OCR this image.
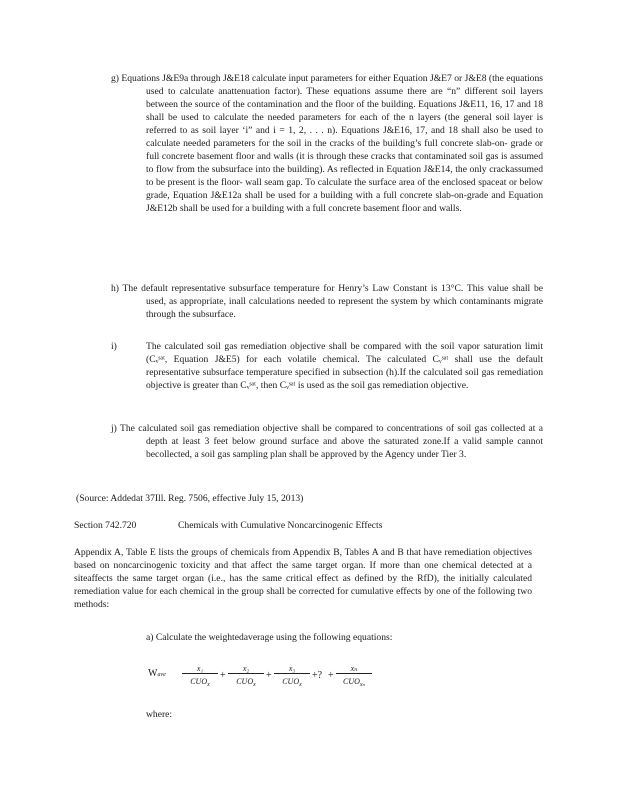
g) Equations J&E9a through J&E18 calculate input parameters for either Equation J&E7 or J&E8 (the equations used to calculate anattenuation factor). These equations assume there are “n” different soil layers between the source of the contamination and the floor of the building. Equations J&E11, 16, 17 and 18 shall be used to calculate the needed parameters for each of the n layers (the general soil layer is referred to as soil layer ‘i” and i = 1, 2, . . . n). Equations J&E16, 17, and 18 shall also be used to calculate needed parameters for the soil in the cracks of the building’s full concrete slab-on- grade or full concrete basement floor and walls (it is through these cracks that contaminated soil gas is assumed to flow from the subsurface into the building). As reflected in Equation J&E14, the only crackassumed to be present is the floor- wall seam gap. To calculate the surface area of the enclosed spaceat or below grade, Equation J&E12a shall be used for a building with a full concrete slab-on-grade and Equation J&E12b shall be used for a building with a full concrete basement floor and walls.
h) The default representative subsurface temperature for Henry’s Law Constant is 13°C. This value shall be used, as appropriate, inall calculations needed to represent the system by which contaminants migrate through the subsurface.
i)	The calculated soil gas remediation objective shall be compared with the soil vapor saturation limit (Cᵥˢᵃᵗ, Equation J&E5) for each volatile chemical. The calculated Cᵥˢᵃᵗ shall use the default representative subsurface temperature specified in subsection (h).If the calculated soil gas remediation objective is greater than Cᵥˢᵃᵗ, then Cᵥˢᵃᵗ is used as the soil gas remediation objective.
j) The calculated soil gas remediation objective shall be compared to concentrations of soil gas collected at a depth at least 3 feet below ground surface and above the saturated zone.If a valid sample cannot becollected, a soil gas sampling plan shall be approved by the Agency under Tier 3.
(Source: Addedat 37Ill. Reg. 7506, effective July 15, 2013)
Section 742.720	Chemicals with Cumulative Noncarcinogenic Effects
Appendix A, Table E lists the groups of chemicals from Appendix B, Tables A and B that have remediation objectives based on noncarcinogenic toxicity and that affect the same target organ. If more than one chemical detected at a siteaffects the same target organ (i.e., has the same critical effect as defined by the RfD), the initially calculated remediation value for each chemical in the group shall be corrected for cumulative effects by one of the following two methods:
a) Calculate the weightedaverage using the following equations:
Wave
x₁
$CUO_x$
+
x₂
$CUO_x$
+
x₃
$CUO_x$
+? +
xₙ
$CUO_{x_n}$
where:
